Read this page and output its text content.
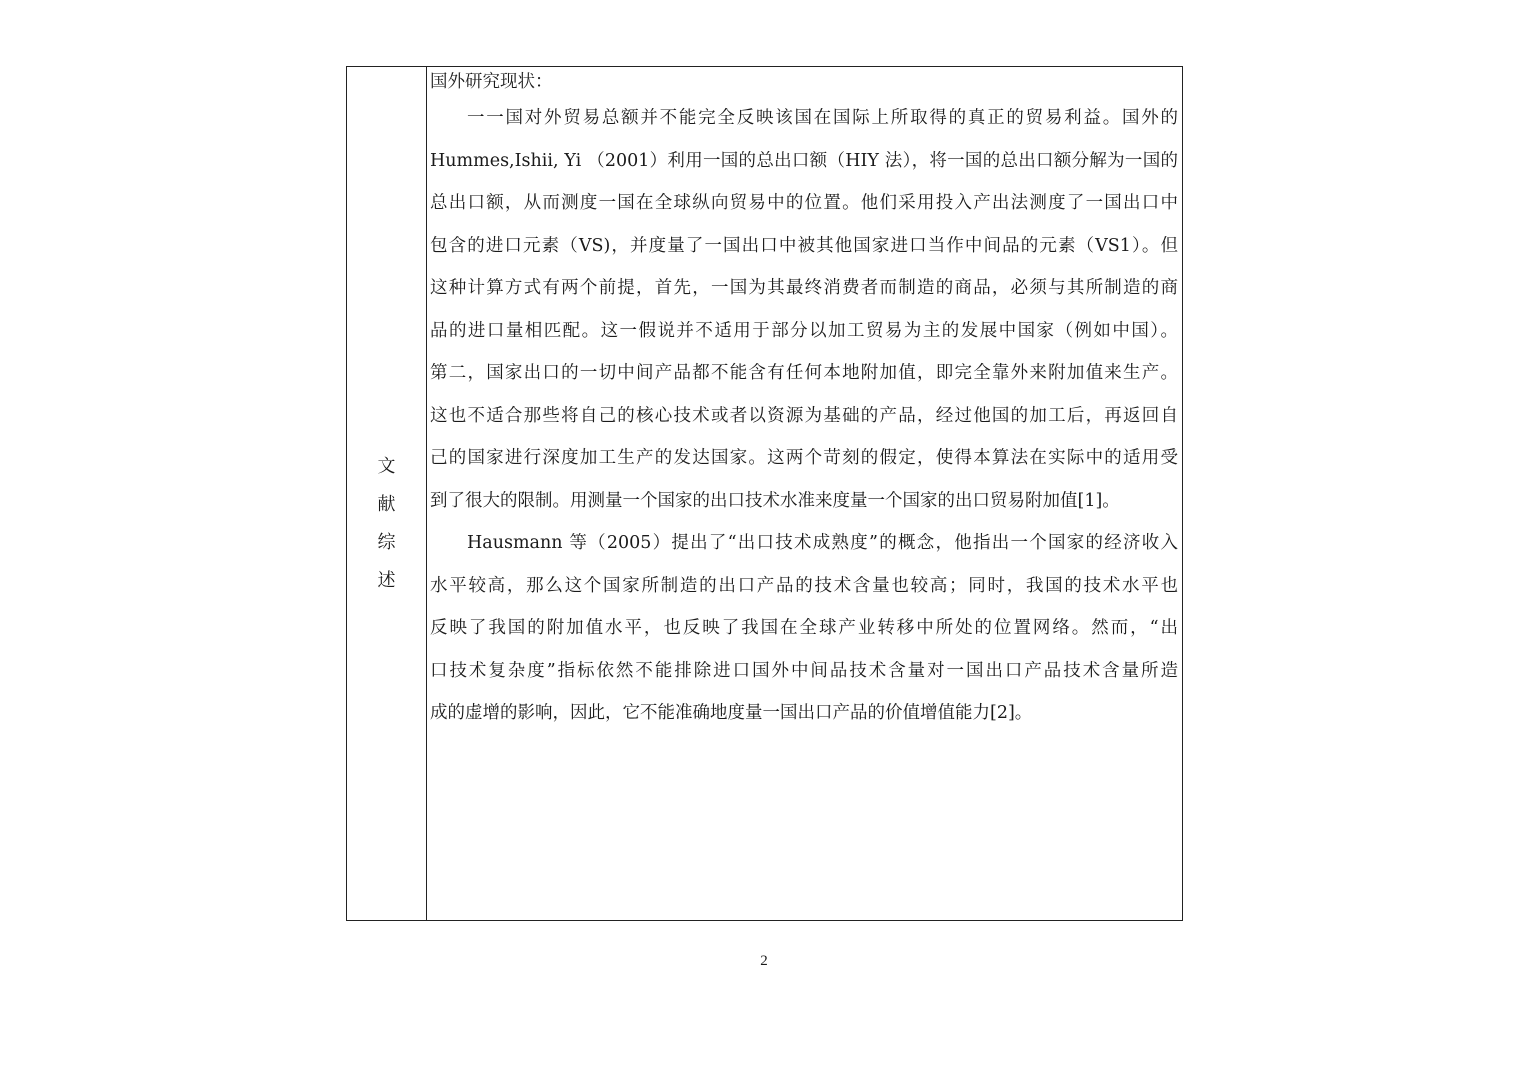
文
献
综
述
国外研究现状：
一一国对外贸易总额并不能完全反映该国在国际上所取得的真正的贸易利益。国外的
Hummes,Ishii, Yi （2001）利用一国的总出口额（HIY 法），将一国的总出口额分解为一国的
总出口额，从而测度一国在全球纵向贸易中的位置。他们采用投入产出法测度了一国出口中
包含的进口元素（VS)，并度量了一国出口中被其他国家进口当作中间品的元素（VS1）。但
这种计算方式有两个前提，首先，一国为其最终消费者而制造的商品，必须与其所制造的商
品的进口量相匹配。这一假说并不适用于部分以加工贸易为主的发展中国家（例如中国）。
第二，国家出口的一切中间产品都不能含有任何本地附加值，即完全靠外来附加值来生产。
这也不适合那些将自己的核心技术或者以资源为基础的产品，经过他国的加工后，再返回自
己的国家进行深度加工生产的发达国家。这两个苛刻的假定，使得本算法在实际中的适用受
到了很大的限制。用测量一个国家的出口技术水准来度量一个国家的出口贸易附加值[1]。
Hausmann 等（2005）提出了“出口技术成熟度”的概念，他指出一个国家的经济收入
水平较高，那么这个国家所制造的出口产品的技术含量也较高；同时，我国的技术水平也
反映了我国的附加值水平，也反映了我国在全球产业转移中所处的位置网络。然而，“出
口技术复杂度”指标依然不能排除进口国外中间品技术含量对一国出口产品技术含量所造
成的虚增的影响，因此，它不能准确地度量一国出口产品的价值增值能力[2]。
2
